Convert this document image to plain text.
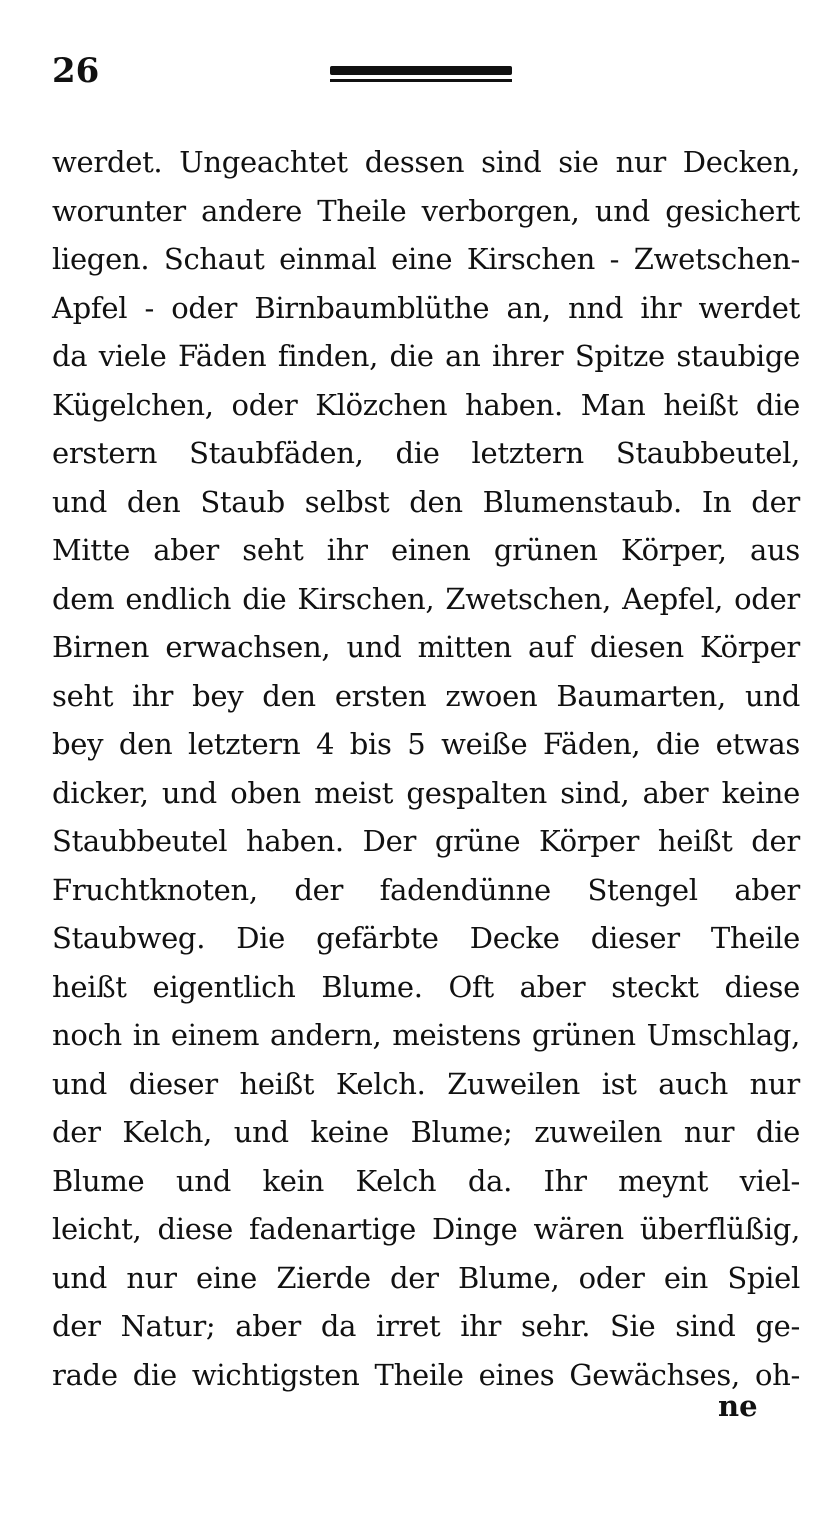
26
werdet. Ungeachtet dessen sind sie nur Decken,
worunter andere Theile verborgen, und gesichert
liegen. Schaut einmal eine Kirschen - Zwetschen-
Apfel - oder Birnbaumblüthe an, nnd ihr werdet
da viele Fäden finden, die an ihrer Spitze staubige
Kügelchen, oder Klözchen haben. Man heißt die
erstern Staubfäden, die letztern Staubbeutel,
und den Staub selbst den Blumenstaub. In der
Mitte aber seht ihr einen grünen Körper, aus
dem endlich die Kirschen, Zwetschen, Aepfel, oder
Birnen erwachsen, und mitten auf diesen Körper
seht ihr bey den ersten zwoen Baumarten, und
bey den letztern 4 bis 5 weiße Fäden, die etwas
dicker, und oben meist gespalten sind, aber keine
Staubbeutel haben. Der grüne Körper heißt der
Fruchtknoten, der fadendünne Stengel aber
Staubweg. Die gefärbte Decke dieser Theile
heißt eigentlich Blume. Oft aber steckt diese
noch in einem andern, meistens grünen Umschlag,
und dieser heißt Kelch. Zuweilen ist auch nur
der Kelch, und keine Blume; zuweilen nur die
Blume und kein Kelch da. Ihr meynt viel-
leicht, diese fadenartige Dinge wären überflüßig,
und nur eine Zierde der Blume, oder ein Spiel
der Natur; aber da irret ihr sehr. Sie sind ge-
rade die wichtigsten Theile eines Gewächses, oh-
ne
